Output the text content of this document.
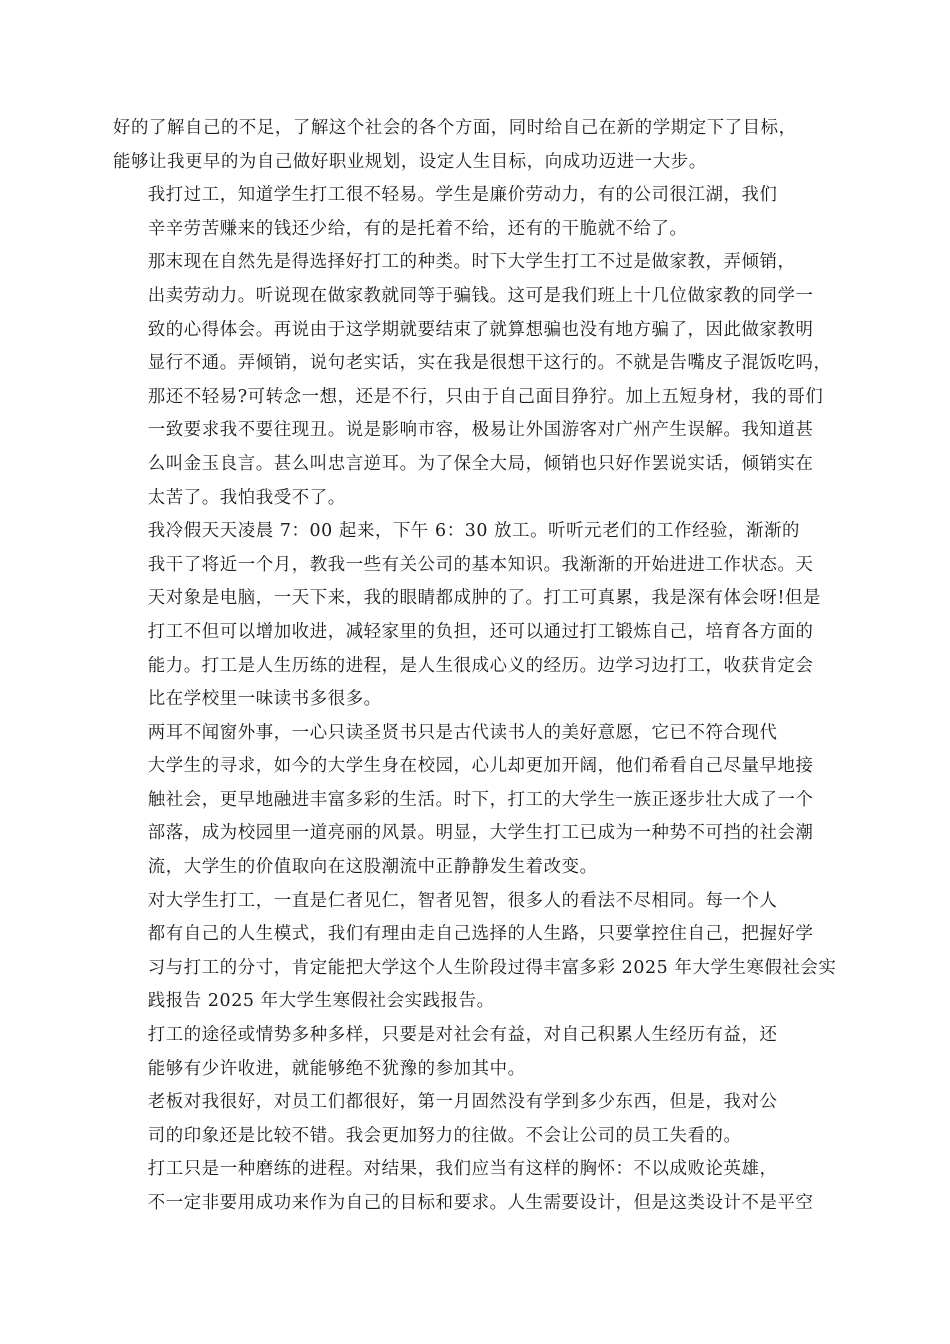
好的了解自己的不足，了解这个社会的各个方面，同时给自己在新的学期定下了目标，
能够让我更早的为自己做好职业规划，设定人生目标，向成功迈进一大步。

我打过工，知道学生打工很不轻易。学生是廉价劳动力，有的公司很江湖，我们
辛辛劳苦赚来的钱还少给，有的是托着不给，还有的干脆就不给了。

那末现在自然先是得选择好打工的种类。时下大学生打工不过是做家教，弄倾销，
出卖劳动力。听说现在做家教就同等于骗钱。这可是我们班上十几位做家教的同学一
致的心得体会。再说由于这学期就要结束了就算想骗也没有地方骗了，因此做家教明
显行不通。弄倾销，说句老实话，实在我是很想干这行的。不就是告嘴皮子混饭吃吗，
那还不轻易?可转念一想，还是不行，只由于自己面目狰狞。加上五短身材，我的哥们
一致要求我不要往现丑。说是影响市容，极易让外国游客对广州产生误解。我知道甚
么叫金玉良言。甚么叫忠言逆耳。为了保全大局，倾销也只好作罢说实话，倾销实在
太苦了。我怕我受不了。

我冷假天天凌晨 7：00 起来，下午 6：30 放工。听听元老们的工作经验，渐渐的
我干了将近一个月，教我一些有关公司的基本知识。我渐渐的开始进进工作状态。天
天对象是电脑，一天下来，我的眼睛都成肿的了。打工可真累，我是深有体会呀!但是
打工不但可以增加收进，减轻家里的负担，还可以通过打工锻炼自己，培育各方面的
能力。打工是人生历练的进程，是人生很成心义的经历。边学习边打工，收获肯定会
比在学校里一味读书多很多。

两耳不闻窗外事，一心只读圣贤书只是古代读书人的美好意愿，它已不符合现代
大学生的寻求，如今的大学生身在校园，心儿却更加开阔，他们希看自己尽量早地接
触社会，更早地融进丰富多彩的生活。时下，打工的大学生一族正逐步壮大成了一个
部落，成为校园里一道亮丽的风景。明显，大学生打工已成为一种势不可挡的社会潮
流，大学生的价值取向在这股潮流中正静静发生着改变。

对大学生打工，一直是仁者见仁，智者见智，很多人的看法不尽相同。每一个人
都有自己的人生模式，我们有理由走自己选择的人生路，只要掌控住自己，把握好学
习与打工的分寸，肯定能把大学这个人生阶段过得丰富多彩 2025 年大学生寒假社会实
践报告 2025 年大学生寒假社会实践报告。

打工的途径或情势多种多样，只要是对社会有益，对自己积累人生经历有益，还
能够有少许收进，就能够绝不犹豫的参加其中。

老板对我很好，对员工们都很好，第一月固然没有学到多少东西，但是，我对公
司的印象还是比较不错。我会更加努力的往做。不会让公司的员工失看的。

打工只是一种磨练的进程。对结果，我们应当有这样的胸怀：不以成败论英雄，
不一定非要用成功来作为自己的目标和要求。人生需要设计，但是这类设计不是平空
